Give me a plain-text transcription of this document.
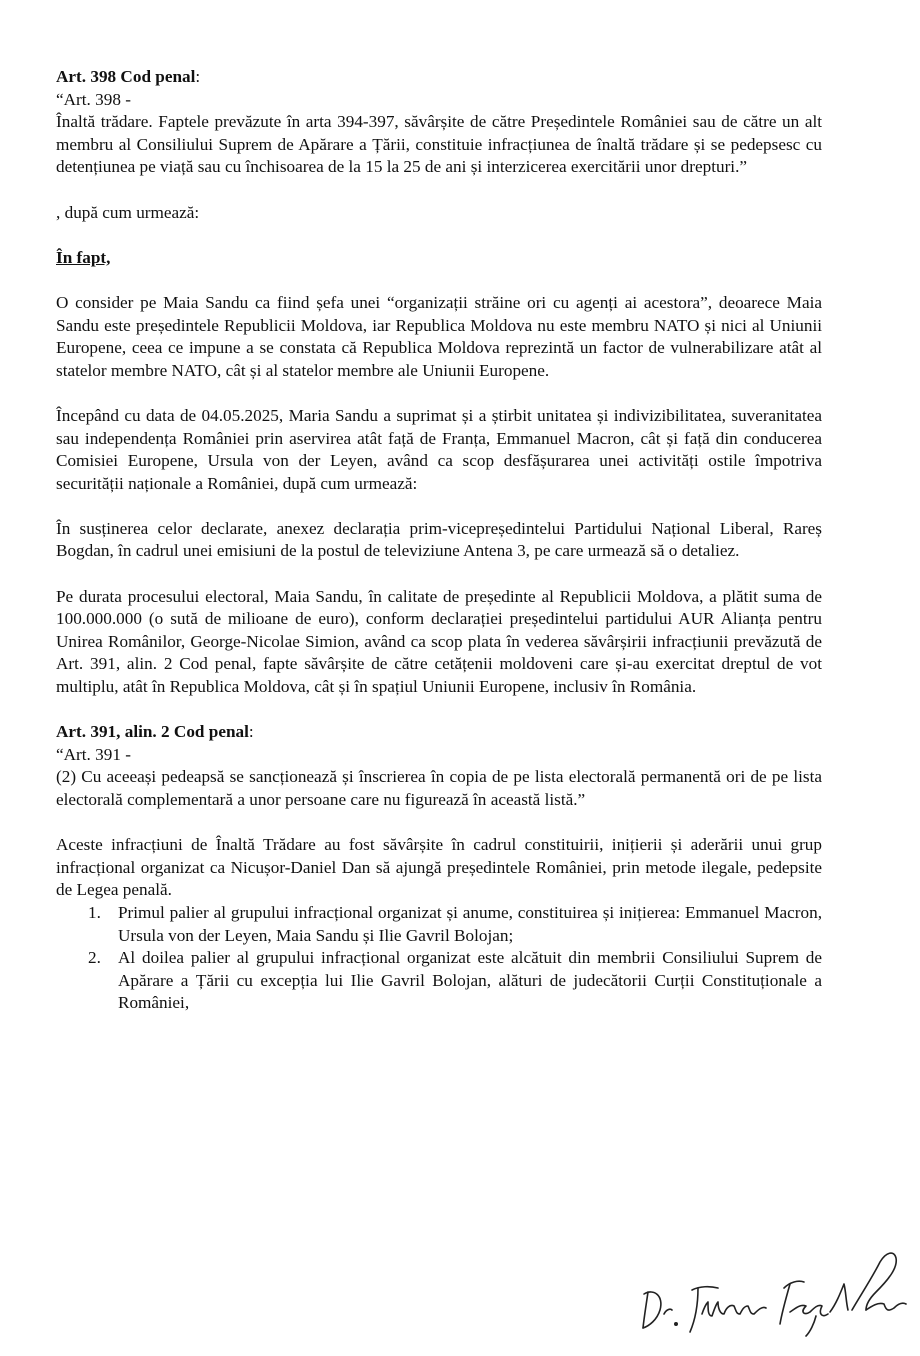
Art. 398 Cod penal:

“Art. 398 -

Înaltă trădare. Faptele prevăzute în arta 394-397, săvârșite de către Președintele României sau de către un alt membru al Consiliului Suprem de Apărare a Țării, constituie infracțiunea de înaltă trădare și se pedepsesc cu detențiunea pe viață sau cu închisoarea de la 15 la 25 de ani și interzicerea exercitării unor drepturi.”

, după cum urmează:

În fapt,

O consider pe Maia Sandu ca fiind șefa unei “organizații străine ori cu agenți ai acestora”, deoarece Maia Sandu este președintele Republicii Moldova, iar Republica Moldova nu este membru NATO și nici al Uniunii Europene, ceea ce impune a se constata că Republica Moldova reprezintă un factor de vulnerabilizare atât al statelor membre NATO, cât și al statelor membre ale Uniunii Europene.

Începând cu data de 04.05.2025, Maria Sandu a suprimat și a știrbit unitatea și indivizibilitatea, suveranitatea sau independența României prin aservirea atât față de Franța, Emmanuel Macron, cât și față din conducerea Comisiei Europene, Ursula von der Leyen, având ca scop desfășurarea unei activități ostile împotriva securității naționale a României, după cum urmează:

În susținerea celor declarate, anexez declarația prim-vicepreședintelui Partidului Național Liberal, Rareș Bogdan, în cadrul unei emisiuni de la postul de televiziune Antena 3, pe care urmează să o detaliez.

Pe durata procesului electoral, Maia Sandu, în calitate de președinte al Republicii Moldova, a plătit suma de 100.000.000 (o sută de milioane de euro), conform declarației președintelui partidului AUR Alianța pentru Unirea Românilor, George-Nicolae Simion, având ca scop plata în vederea săvârșirii infracțiunii prevăzută de Art. 391, alin. 2 Cod penal, fapte săvârșite de către cetățenii moldoveni care și-au exercitat dreptul de vot multiplu, atât în Republica Moldova, cât și în spațiul Uniunii Europene, inclusiv în România.

Art. 391, alin. 2 Cod penal:

“Art. 391 -

(2) Cu aceeași pedeapsă se sancționează și înscrierea în copia de pe lista electorală permanentă ori de pe lista electorală complementară a unor persoane care nu figurează în această listă.”

Aceste infracțiuni de Înaltă Trădare au fost săvârșite în cadrul constituirii, inițierii și aderării unui grup infracțional organizat ca Nicușor-Daniel Dan să ajungă președintele României, prin metode ilegale, pedepsite de Legea penală.

1. Primul palier al grupului infracțional organizat și anume, constituirea și inițierea: Emmanuel Macron, Ursula von der Leyen, Maia Sandu și Ilie Gavril Bolojan;
2. Al doilea palier al grupului infracțional organizat este alcătuit din membrii Consiliului Suprem de Apărare a Țării cu excepția lui Ilie Gavril Bolojan, alături de judecătorii Curții Constituționale a României,
